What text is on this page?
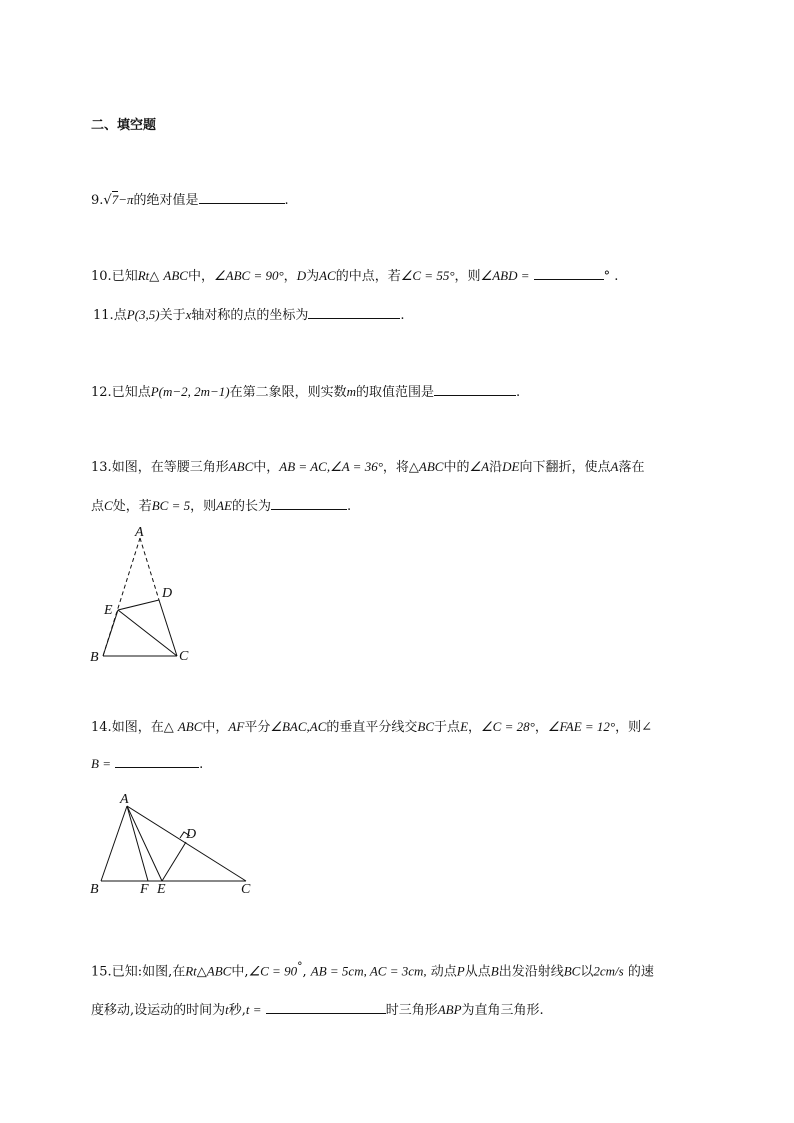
二、填空题
9.√7−π的绝对值是	.
10.已知Rt△ ABC中，∠ABC = 90°，D为AC的中点，若∠C = 55°，则∠ABD =	° .
11.点P(3,5)关于x轴对称的点的坐标为	.
12.已知点P(m−2, 2m−1)在第二象限，则实数m的取值范围是	.
13.如图，在等腰三角形ABC中，AB = AC,∠A = 36°，将△ABC中的∠A沿DE向下翻折，使点A落在
点C处，若BC = 5，则AE的长为	.
A
B	C
D
E
A
B	C
D
E
F
14.如图，在△ ABC中，AF平分∠BAC,AC的垂直平分线交BC于点E，∠C = 28°，∠FAE = 12°，则∠
B =	.
15.已知:如图,在Rt△ABC中,∠C = 90°, AB = 5cm, AC = 3cm, 动点P从点B出发沿射线BC以2cm/s 的速
度移动,设运动的时间为t秒,t =	时三角形ABP为直角三角形.
